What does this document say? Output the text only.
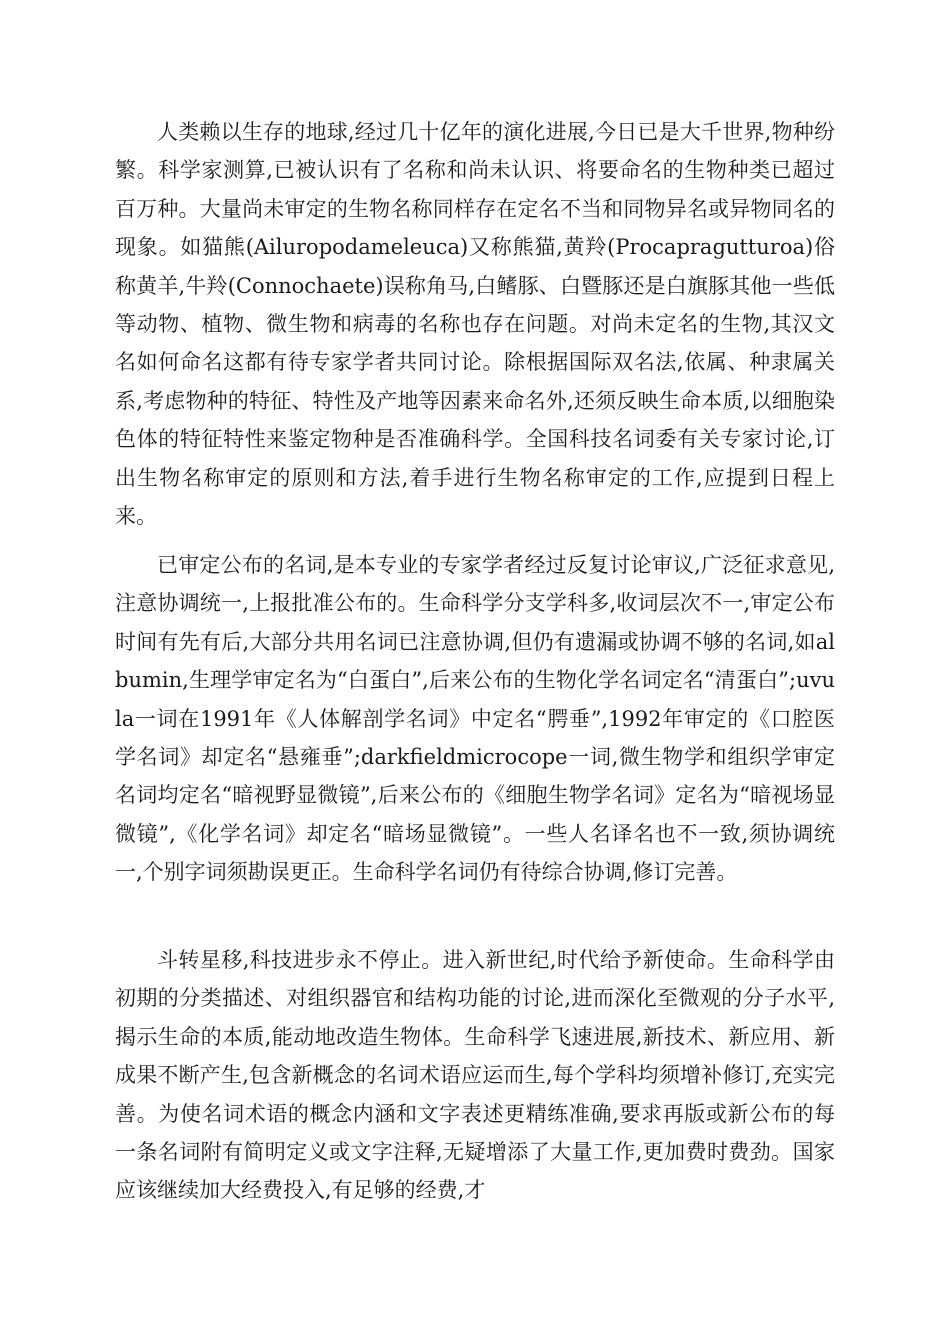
人类赖以生存的地球,经过几十亿年的演化进展,今日已是大千世界,物种纷繁。科学家测算,已被认识有了名称和尚未认识、将要命名的生物种类已超过百万种。大量尚未审定的生物名称同样存在定名不当和同物异名或异物同名的现象。如猫熊(Ailuropodameleuca)又称熊猫,黄羚(Procapragutturoa)俗称黄羊,牛羚(Connochaete)误称角马,白鳍豚、白暨豚还是白旗豚其他一些低等动物、植物、微生物和病毒的名称也存在问题。对尚未定名的生物,其汉文名如何命名这都有待专家学者共同讨论。除根据国际双名法,依属、种隶属关系,考虑物种的特征、特性及产地等因素来命名外,还须反映生命本质,以细胞染色体的特征特性来鉴定物种是否准确科学。全国科技名词委有关专家讨论,订出生物名称审定的原则和方法,着手进行生物名称审定的工作,应提到日程上来。

已审定公布的名词,是本专业的专家学者经过反复讨论审议,广泛征求意见,注意协调统一,上报批准公布的。生命科学分支学科多,收词层次不一,审定公布时间有先有后,大部分共用名词已注意协调,但仍有遗漏或协调不够的名词,如albumin,生理学审定名为“白蛋白”,后来公布的生物化学名词定名“清蛋白”;uvula一词在1991年《人体解剖学名词》中定名“腭垂”,1992年审定的《口腔医学名词》却定名“悬雍垂”;darkfieldmicrocope一词,微生物学和组织学审定名词均定名“暗视野显微镜”,后来公布的《细胞生物学名词》定名为“暗视场显微镜”,《化学名词》却定名“暗场显微镜”。一些人名译名也不一致,须协调统一,个别字词须勘误更正。生命科学名词仍有待综合协调,修订完善。

斗转星移,科技进步永不停止。进入新世纪,时代给予新使命。生命科学由初期的分类描述、对组织器官和结构功能的讨论,进而深化至微观的分子水平,揭示生命的本质,能动地改造生物体。生命科学飞速进展,新技术、新应用、新成果不断产生,包含新概念的名词术语应运而生,每个学科均须增补修订,充实完善。为使名词术语的概念内涵和文字表述更精练准确,要求再版或新公布的每一条名词附有简明定义或文字注释,无疑增添了大量工作,更加费时费劲。国家应该继续加大经费投入,有足够的经费,才
